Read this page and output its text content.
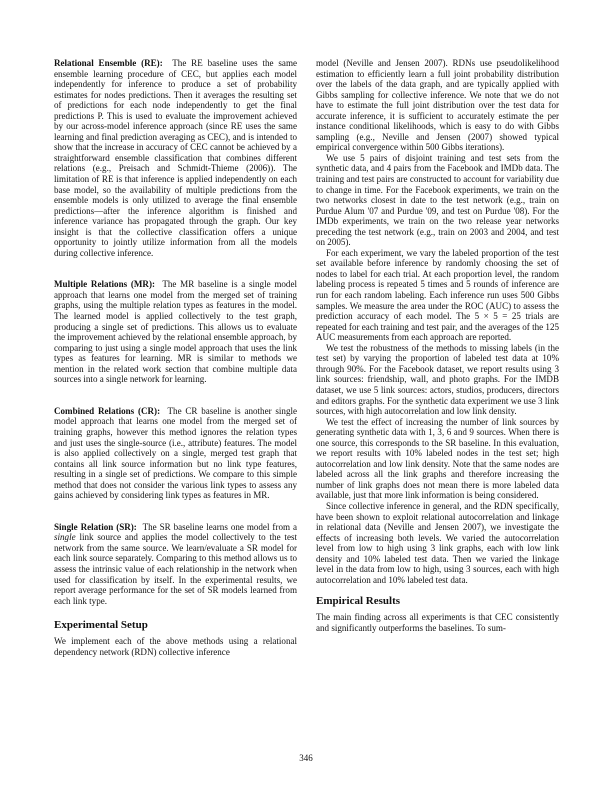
Relational Ensemble (RE): The RE baseline uses the same ensemble learning procedure of CEC, but applies each model independently for inference to produce a set of probability estimates for nodes predictions. Then it averages the resulting set of predictions for each node independently to get the final predictions P. This is used to evaluate the improvement achieved by our across-model inference approach (since RE uses the same learning and final prediction averaging as CEC), and is intended to show that the increase in accuracy of CEC cannot be achieved by a straightforward ensemble classification that combines different relations (e.g., Preisach and Schmidt-Thieme (2006)). The limitation of RE is that inference is applied independently on each base model, so the availability of multiple predictions from the ensemble models is only utilized to average the final ensemble predictions—after the inference algorithm is finished and inference variance has propagated through the graph. Our key insight is that the collective classification offers a unique opportunity to jointly utilize information from all the models during collective inference.

Multiple Relations (MR): The MR baseline is a single model approach that learns one model from the merged set of training graphs, using the multiple relation types as features in the model. The learned model is applied collectively to the test graph, producing a single set of predictions. This allows us to evaluate the improvement achieved by the relational ensemble approach, by comparing to just using a single model approach that uses the link types as features for learning. MR is similar to methods we mention in the related work section that combine multiple data sources into a single network for learning.

Combined Relations (CR): The CR baseline is another single model approach that learns one model from the merged set of training graphs, however this method ignores the relation types and just uses the single-source (i.e., attribute) features. The model is also applied collectively on a single, merged test graph that contains all link source information but no link type features, resulting in a single set of predictions. We compare to this simple method that does not consider the various link types to assess any gains achieved by considering link types as features in MR.

Single Relation (SR): The SR baseline learns one model from a single link source and applies the model collectively to the test network from the same source. We learn/evaluate a SR model for each link source separately. Comparing to this method allows us to assess the intrinsic value of each relationship in the network when used for classification by itself. In the experimental results, we report average performance for the set of SR models learned from each link type.

Experimental Setup

We implement each of the above methods using a relational dependency network (RDN) collective inference

model (Neville and Jensen 2007). RDNs use pseudolikelihood estimation to efficiently learn a full joint probability distribution over the labels of the data graph, and are typically applied with Gibbs sampling for collective inference. We note that we do not have to estimate the full joint distribution over the test data for accurate inference, it is sufficient to accurately estimate the per instance conditional likelihoods, which is easy to do with Gibbs sampling (e.g., Neville and Jensen (2007) showed typical empirical convergence within 500 Gibbs iterations).

We use 5 pairs of disjoint training and test sets from the synthetic data, and 4 pairs from the Facebook and IMDb data. The training and test pairs are constructed to account for variability due to change in time. For the Facebook experiments, we train on the two networks closest in date to the test network (e.g., train on Purdue Alum '07 and Purdue '09, and test on Purdue '08). For the IMDb experiments, we train on the two release year networks preceding the test network (e.g., train on 2003 and 2004, and test on 2005).

For each experiment, we vary the labeled proportion of the test set available before inference by randomly choosing the set of nodes to label for each trial. At each proportion level, the random labeling process is repeated 5 times and 5 rounds of inference are run for each random labeling. Each inference run uses 500 Gibbs samples. We measure the area under the ROC (AUC) to assess the prediction accuracy of each model. The 5 × 5 = 25 trials are repeated for each training and test pair, and the averages of the 125 AUC measurements from each approach are reported.

We test the robustness of the methods to missing labels (in the test set) by varying the proportion of labeled test data at 10% through 90%. For the Facebook dataset, we report results using 3 link sources: friendship, wall, and photo graphs. For the IMDB dataset, we use 5 link sources: actors, studios, producers, directors and editors graphs. For the synthetic data experiment we use 3 link sources, with high autocorrelation and low link density.

We test the effect of increasing the number of link sources by generating synthetic data with 1, 3, 6 and 9 sources. When there is one source, this corresponds to the SR baseline. In this evaluation, we report results with 10% labeled nodes in the test set; high autocorrelation and low link density. Note that the same nodes are labeled across all the link graphs and therefore increasing the number of link graphs does not mean there is more labeled data available, just that more link information is being considered.

Since collective inference in general, and the RDN specifically, have been shown to exploit relational autocorrelation and linkage in relational data (Neville and Jensen 2007), we investigate the effects of increasing both levels. We varied the autocorrelation level from low to high using 3 link graphs, each with low link density and 10% labeled test data. Then we varied the linkage level in the data from low to high, using 3 sources, each with high autocorrelation and 10% labeled test data.

Empirical Results

The main finding across all experiments is that CEC consistently and significantly outperforms the baselines. To sum-

346
